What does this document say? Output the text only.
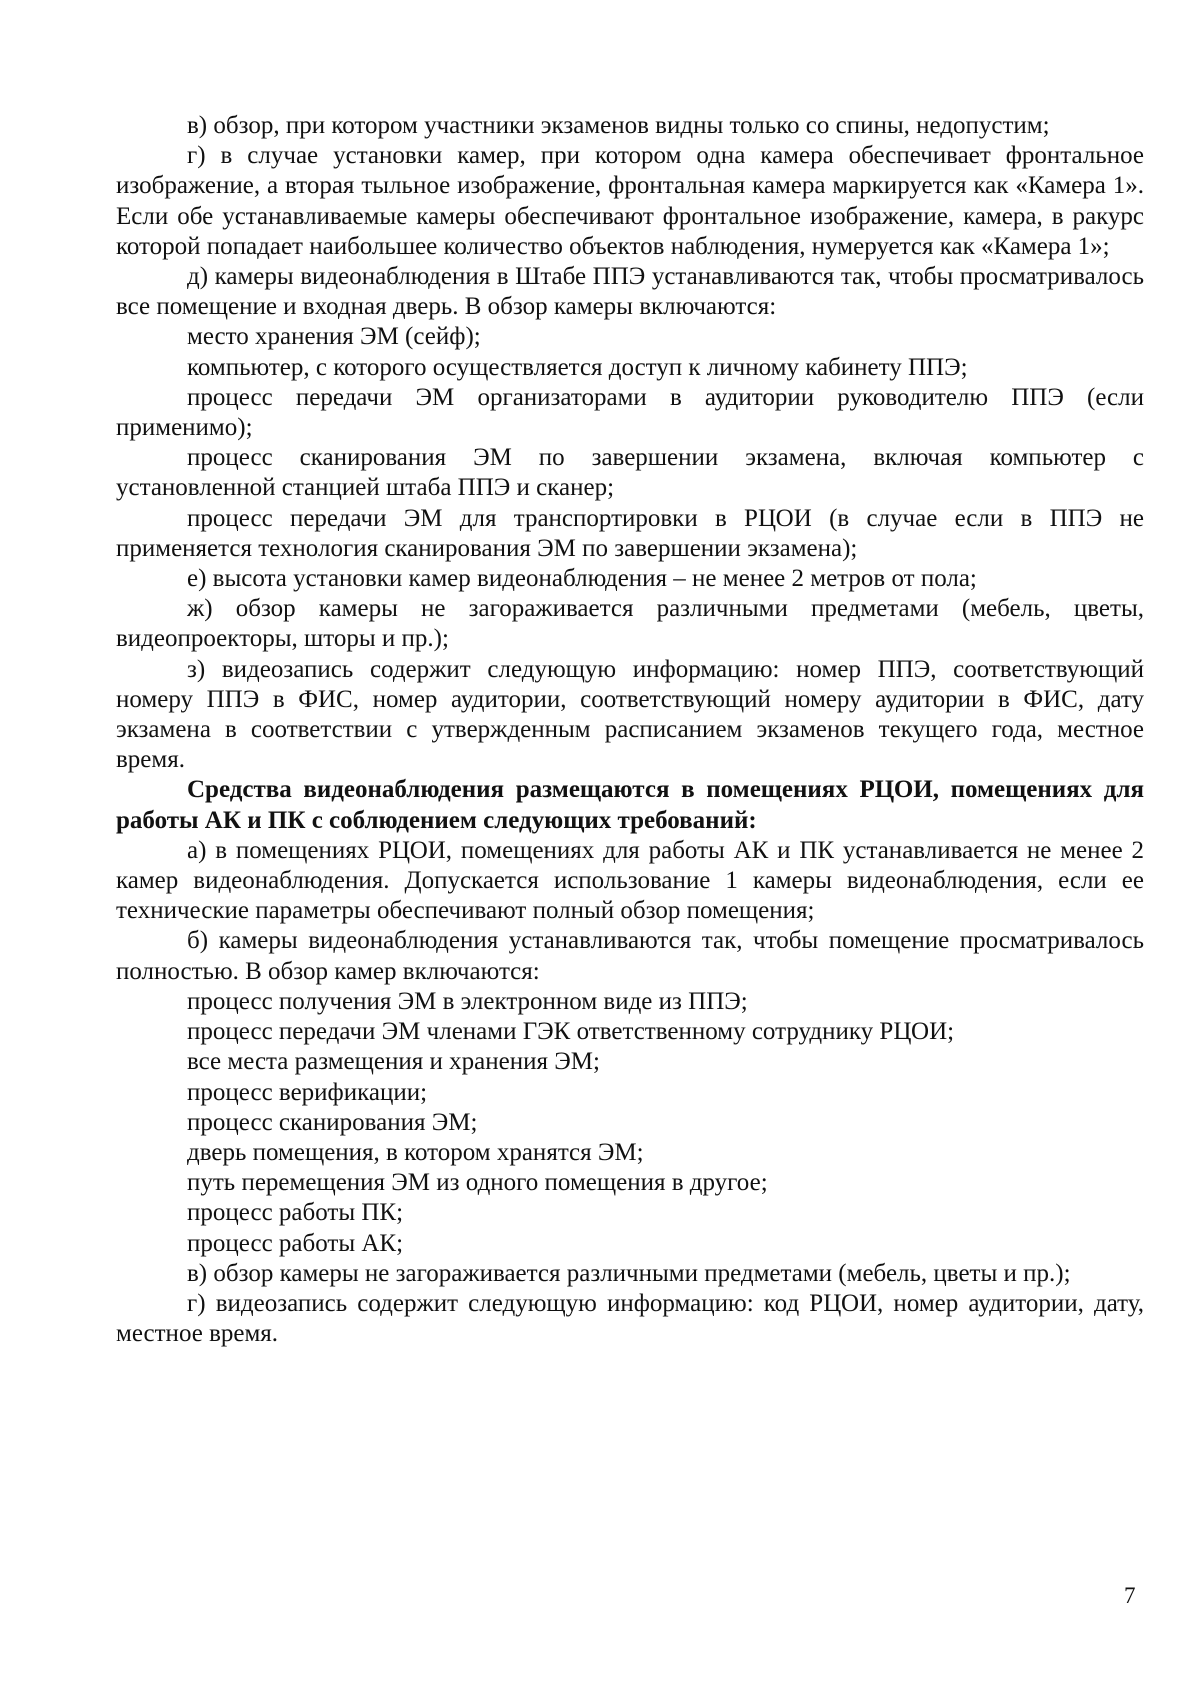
в) обзор, при котором участники экзаменов видны только со спины, недопустим;

г) в случае установки камер, при котором одна камера обеспечивает фронтальное изображение, а вторая тыльное изображение, фронтальная камера маркируется как «Камера 1». Если обе устанавливаемые камеры обеспечивают фронтальное изображение, камера, в ракурс которой попадает наибольшее количество объектов наблюдения, нумеруется как «Камера 1»;

д) камеры видеонаблюдения в Штабе ППЭ устанавливаются так, чтобы просматривалось все помещение и входная дверь. В обзор камеры включаются:

место хранения ЭМ (сейф);

компьютер, с которого осуществляется доступ к личному кабинету ППЭ;

процесс передачи ЭМ организаторами в аудитории руководителю ППЭ (если применимо);

процесс сканирования ЭМ по завершении экзамена, включая компьютер с установленной станцией штаба ППЭ и сканер;

процесс передачи ЭМ для транспортировки в РЦОИ (в случае если в ППЭ не применяется технология сканирования ЭМ по завершении экзамена);

е) высота установки камер видеонаблюдения – не менее 2 метров от пола;

ж) обзор камеры не загораживается различными предметами (мебель, цветы, видеопроекторы, шторы и пр.);

з) видеозапись содержит следующую информацию: номер ППЭ, соответствующий номеру ППЭ в ФИС, номер аудитории, соответствующий номеру аудитории в ФИС, дату экзамена в соответствии с утвержденным расписанием экзаменов текущего года, местное время.

Средства видеонаблюдения размещаются в помещениях РЦОИ, помещениях для работы АК и ПК с соблюдением следующих требований:

а) в помещениях РЦОИ, помещениях для работы АК и ПК устанавливается не менее 2 камер видеонаблюдения. Допускается использование 1 камеры видеонаблюдения, если ее технические параметры обеспечивают полный обзор помещения;

б) камеры видеонаблюдения устанавливаются так, чтобы помещение просматривалось полностью. В обзор камер включаются:

процесс получения ЭМ в электронном виде из ППЭ;

процесс передачи ЭМ членами ГЭК ответственному сотруднику РЦОИ;

все места размещения и хранения ЭМ;

процесс верификации;

процесс сканирования ЭМ;

дверь помещения, в котором хранятся ЭМ;

путь перемещения ЭМ из одного помещения в другое;

процесс работы ПК;

процесс работы АК;

в) обзор камеры не загораживается различными предметами (мебель, цветы и пр.);

г) видеозапись содержит следующую информацию: код РЦОИ, номер аудитории, дату, местное время.

7
